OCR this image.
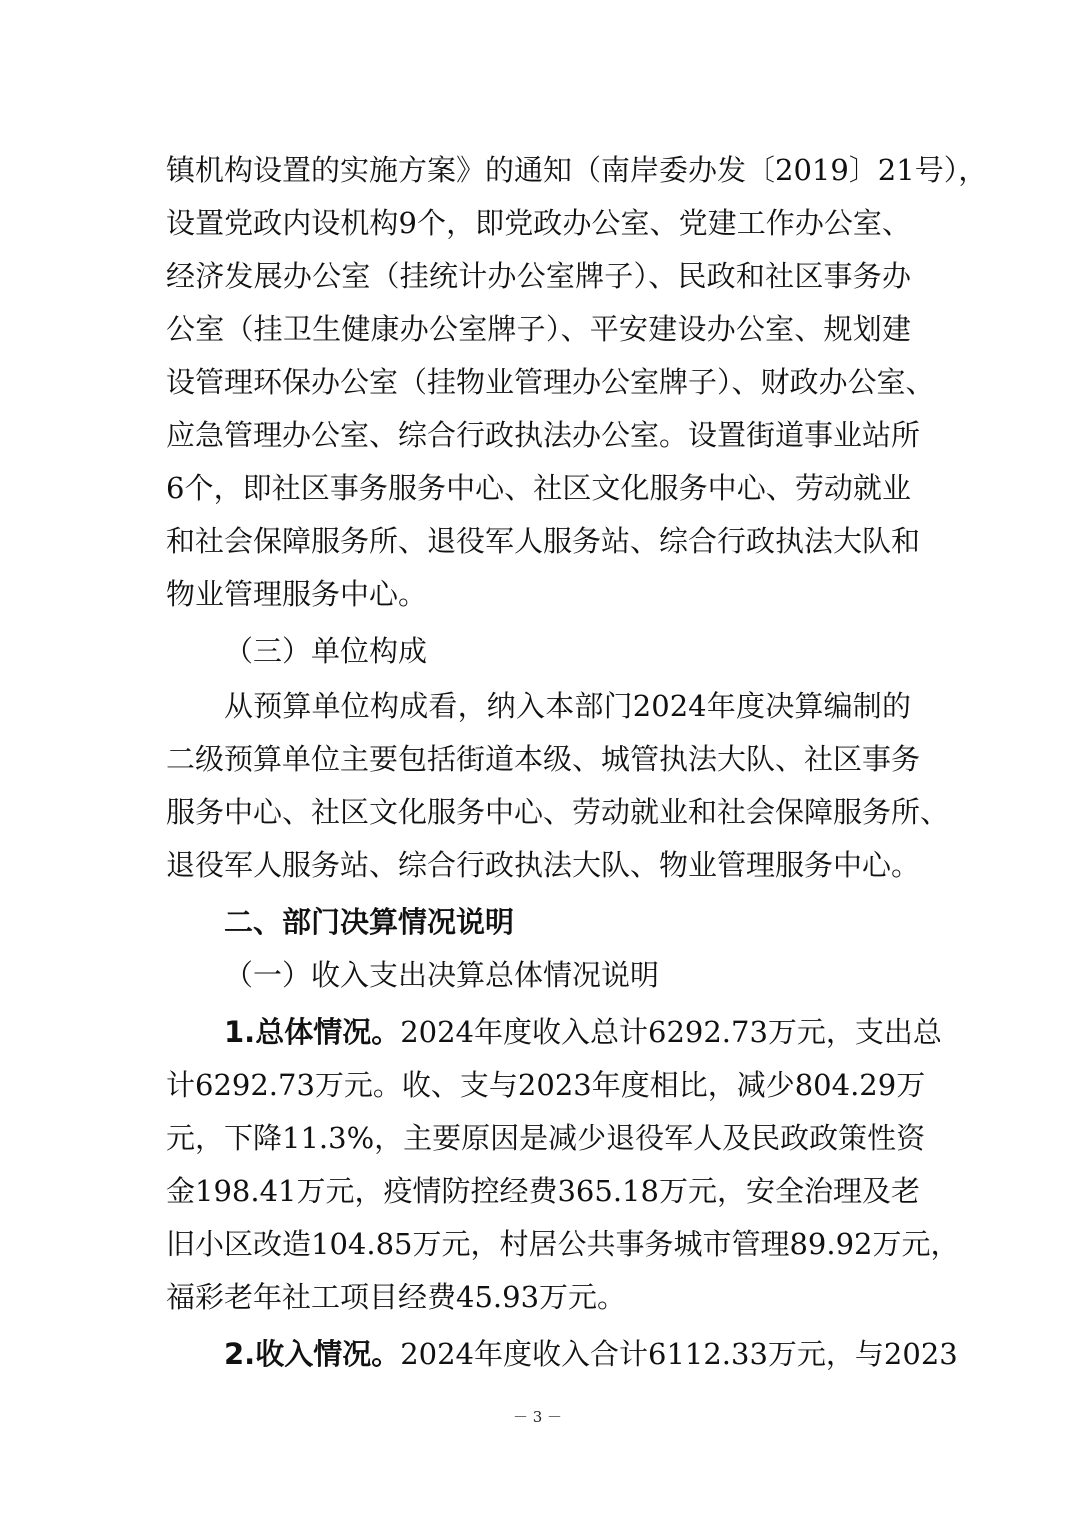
镇机构设置的实施方案》的通知（南岸委办发〔2019〕21号），
设置党政内设机构9个，即党政办公室、党建工作办公室、
经济发展办公室（挂统计办公室牌子）、民政和社区事务办
公室（挂卫生健康办公室牌子）、平安建设办公室、规划建
设管理环保办公室（挂物业管理办公室牌子）、财政办公室、
应急管理办公室、综合行政执法办公室。设置街道事业站所
6个，即社区事务服务中心、社区文化服务中心、劳动就业
和社会保障服务所、退役军人服务站、综合行政执法大队和
物业管理服务中心。
（三）单位构成
从预算单位构成看，纳入本部门2024年度决算编制的
二级预算单位主要包括街道本级、城管执法大队、社区事务
服务中心、社区文化服务中心、劳动就业和社会保障服务所、
退役军人服务站、综合行政执法大队、物业管理服务中心。
二、部门决算情况说明
（一）收入支出决算总体情况说明
1.总体情况。2024年度收入总计6292.73万元，支出总
计6292.73万元。收、支与2023年度相比，减少804.29万
元，下降11.3%，主要原因是减少退役军人及民政政策性资
金198.41万元，疫情防控经费365.18万元，安全治理及老
旧小区改造104.85万元，村居公共事务城市管理89.92万元，
福彩老年社工项目经费45.93万元。
2.收入情况。2024年度收入合计6112.33万元，与2023
－ 3 －
